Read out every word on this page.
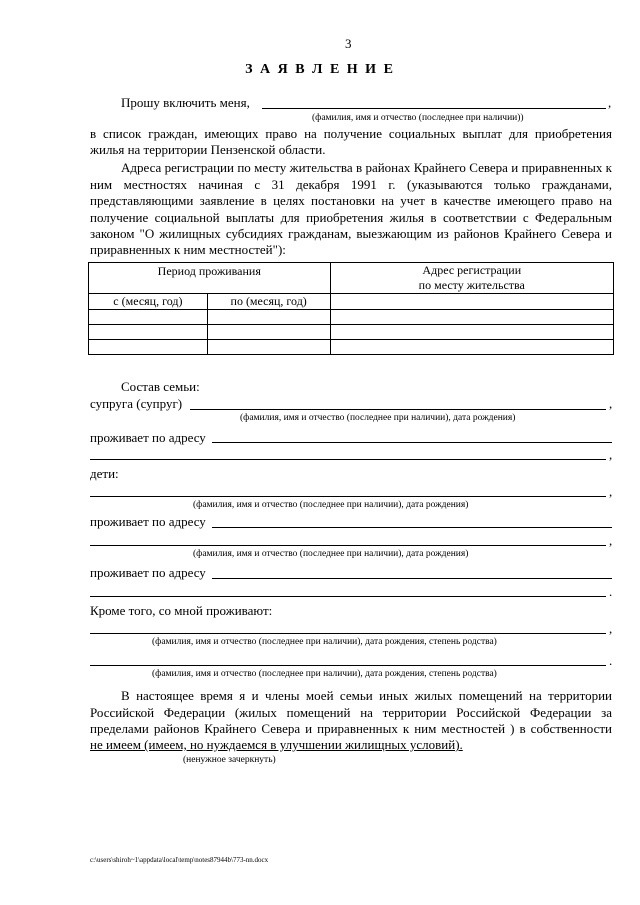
3
З А Я В Л Е Н И Е
Прошу включить меня,	,
(фамилия, имя и отчество (последнее при наличии))
в список граждан, имеющих право на получение социальных выплат для приобретения
жилья на территории Пензенской области.
Адреса регистрации по месту жительства в районах Крайнего Севера и приравненных к
ним местностях начиная с 31 декабря 1991 г. (указываются только гражданами,
представляющими заявление в целях постановки на учет в качестве имеющего право на
получение социальной выплаты для приобретения жилья в соответствии с Федеральным
законом "О жилищных субсидиях гражданам, выезжающим из районов Крайнего Севера и
приравненных к ним местностей"):
Период проживания		Адрес регистрации
		по месту жительства
с (месяц, год)	по (месяц, год)	

Состав семьи:
супруга (супруг)	,
(фамилия, имя и отчество (последнее при наличии), дата рождения)
проживает по адресу
,
дети:
,
(фамилия, имя и отчество (последнее при наличии), дата рождения)
проживает по адресу
,
(фамилия, имя и отчество (последнее при наличии), дата рождения)
проживает по адресу
.
Кроме того, со мной проживают:
,
(фамилия, имя и отчество (последнее при наличии), дата рождения, степень родства)
.
(фамилия, имя и отчество (последнее при наличии), дата рождения, степень родства)
В настоящее время я и члены моей семьи иных жилых помещений на территории
Российской Федерации (жилых помещений на территории Российской Федерации за
пределами районов Крайнего Севера и приравненных к ним местностей ) в собственности
не имеем (имеем, но нуждаемся в улучшении жилищных условий).
(ненужное зачеркнуть)
c:\users\shiroh~1\appdata\local\temp\notes87944b\773-nn.docx
